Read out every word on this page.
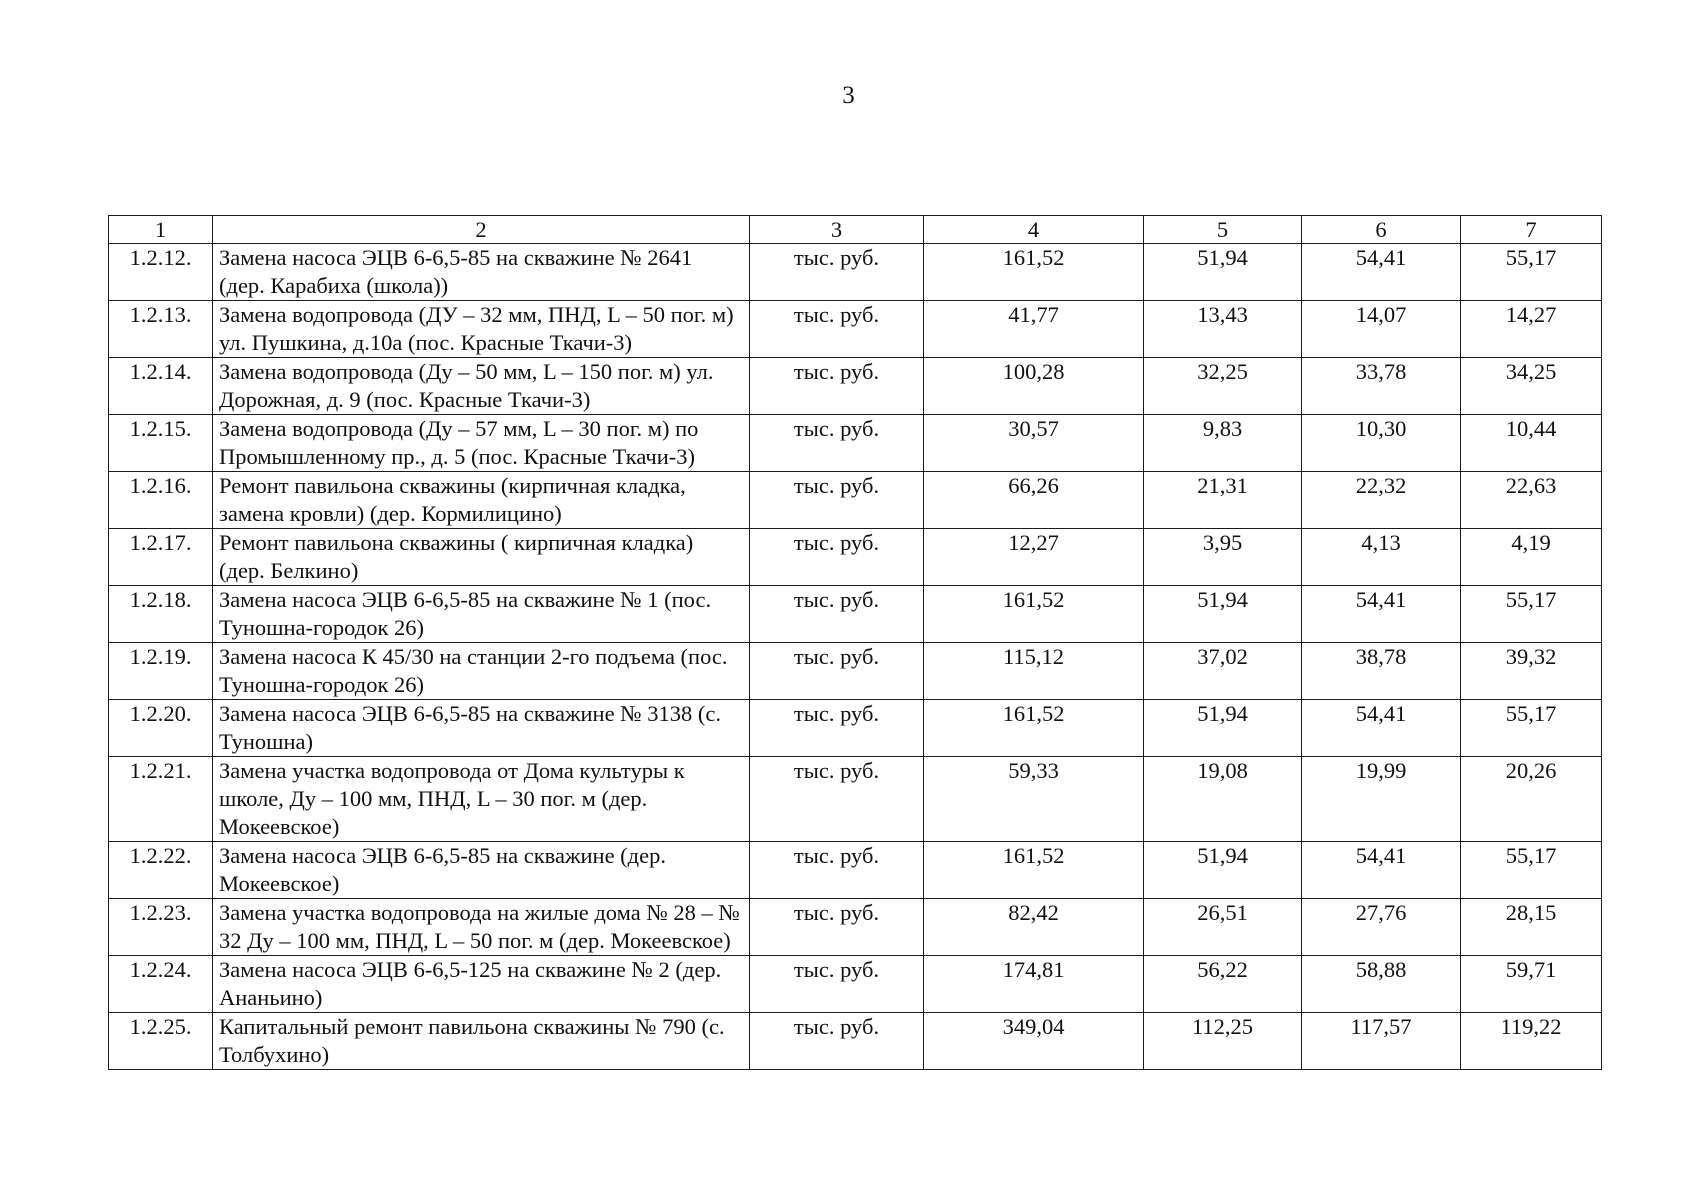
3
1	2	3	4	5	6	7
1.2.12.	Замена насоса ЭЦВ 6-6,5-85 на скважине № 2641 (дер. Карабиха (школа))	тыс. руб.	161,52	51,94	54,41	55,17
1.2.13.	Замена водопровода (ДУ – 32 мм, ПНД, L – 50 пог. м) ул. Пушкина, д.10а (пос. Красные Ткачи-3)	тыс. руб.	41,77	13,43	14,07	14,27
1.2.14.	Замена водопровода (Ду – 50 мм, L – 150 пог. м) ул. Дорожная, д. 9 (пос. Красные Ткачи-3)	тыс. руб.	100,28	32,25	33,78	34,25
1.2.15.	Замена водопровода (Ду – 57 мм, L – 30 пог. м) по Промышленному пр., д. 5 (пос. Красные Ткачи-3)	тыс. руб.	30,57	9,83	10,30	10,44
1.2.16.	Ремонт павильона скважины (кирпичная кладка, замена кровли) (дер. Кормилицино)	тыс. руб.	66,26	21,31	22,32	22,63
1.2.17.	Ремонт павильона скважины ( кирпичная кладка) (дер. Белкино)	тыс. руб.	12,27	3,95	4,13	4,19
1.2.18.	Замена насоса ЭЦВ 6-6,5-85 на скважине № 1 (пос. Туношна-городок 26)	тыс. руб.	161,52	51,94	54,41	55,17
1.2.19.	Замена насоса К 45/30 на станции 2-го подъема (пос. Туношна-городок 26)	тыс. руб.	115,12	37,02	38,78	39,32
1.2.20.	Замена насоса ЭЦВ 6-6,5-85 на скважине № 3138 (с. Туношна)	тыс. руб.	161,52	51,94	54,41	55,17
1.2.21.	Замена участка водопровода от Дома культуры к школе, Ду – 100 мм, ПНД, L – 30 пог. м (дер. Мокеевское)	тыс. руб.	59,33	19,08	19,99	20,26
1.2.22.	Замена насоса ЭЦВ 6-6,5-85 на скважине (дер. Мокеевское)	тыс. руб.	161,52	51,94	54,41	55,17
1.2.23.	Замена участка водопровода на жилые дома № 28 – № 32 Ду – 100 мм, ПНД, L – 50 пог. м (дер. Мокеевское)	тыс. руб.	82,42	26,51	27,76	28,15
1.2.24.	Замена насоса ЭЦВ 6-6,5-125 на скважине № 2 (дер. Ананьино)	тыс. руб.	174,81	56,22	58,88	59,71
1.2.25.	Капитальный ремонт павильона скважины № 790 (с. Толбухино)	тыс. руб.	349,04	112,25	117,57	119,22
